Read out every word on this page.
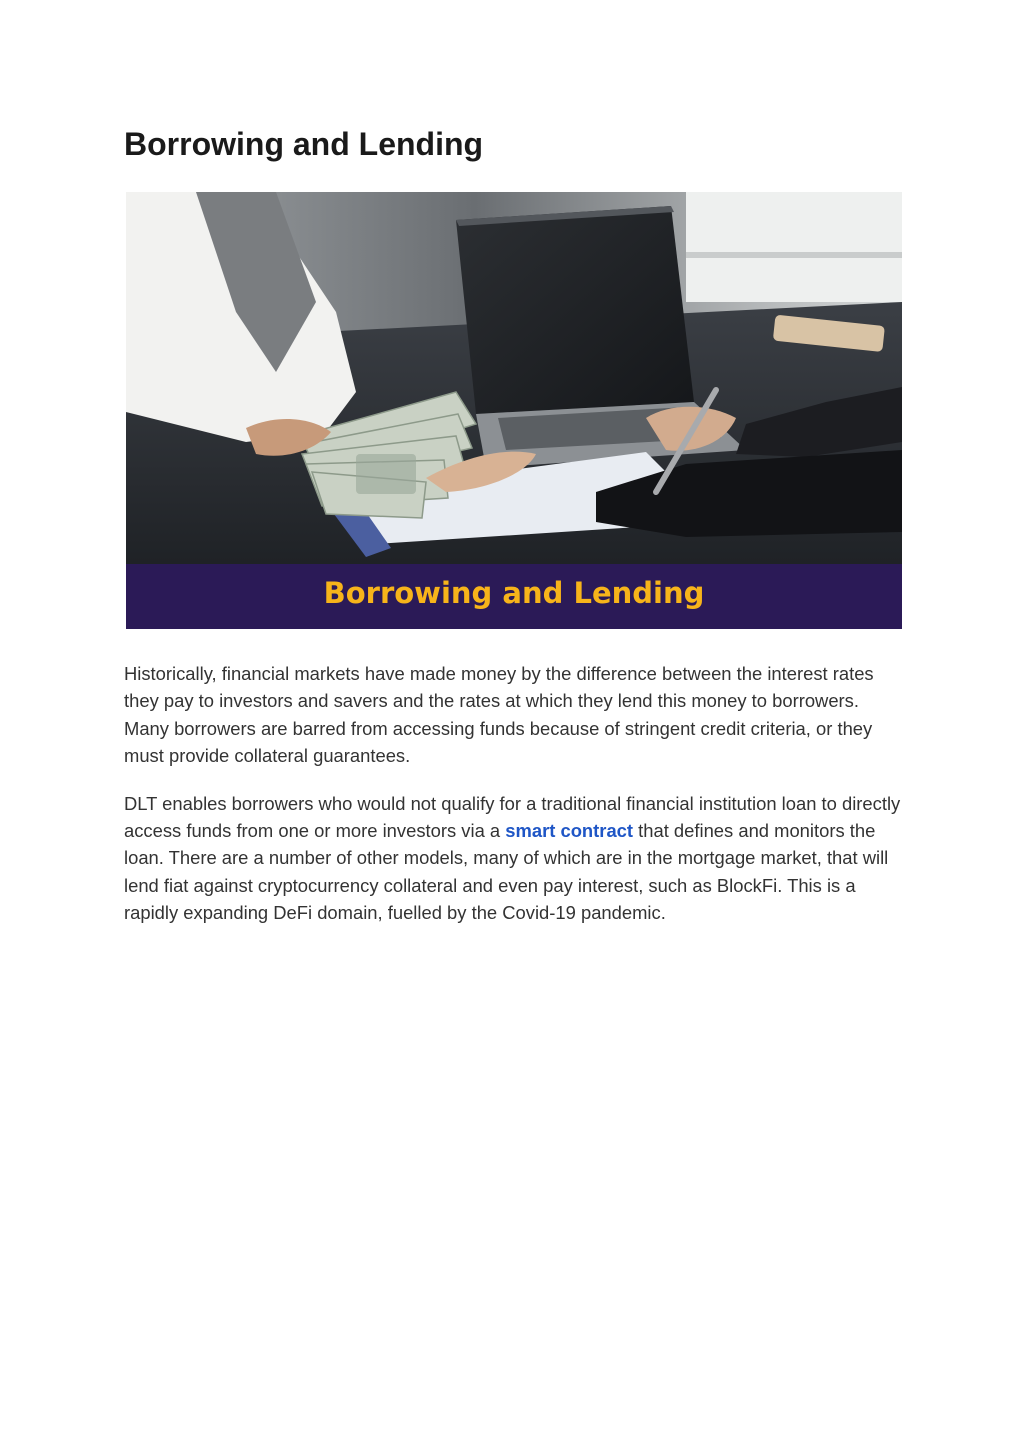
Borrowing and Lending
Borrowing and Lending

Historically, financial markets have made money by the difference between the interest rates they pay to investors and savers and the rates at which they lend this money to borrowers. Many borrowers are barred from accessing funds because of stringent credit criteria, or they must provide collateral guarantees.

DLT enables borrowers who would not qualify for a traditional financial institution loan to directly access funds from one or more investors via a smart contract that defines and monitors the loan. There are a number of other models, many of which are in the mortgage market, that will lend fiat against cryptocurrency collateral and even pay interest, such as BlockFi. This is a rapidly expanding DeFi domain, fuelled by the Covid-19 pandemic.
